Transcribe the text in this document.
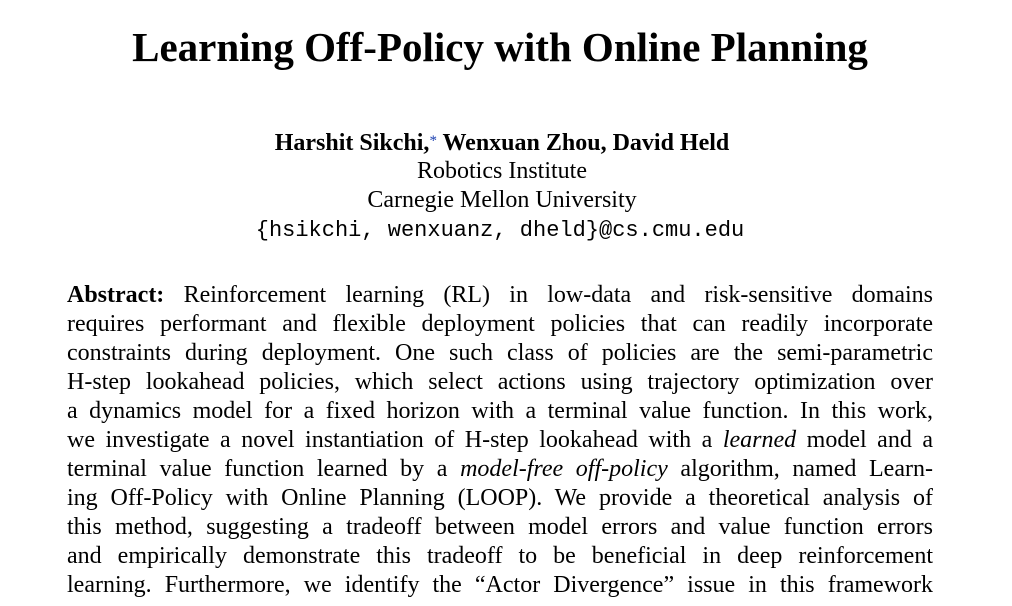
Learning Off-Policy with Online Planning
Harshit Sikchi,* Wenxuan Zhou, David Held
Robotics Institute
Carnegie Mellon University
{hsikchi, wenxuanz, dheld}@cs.cmu.edu
Abstract: Reinforcement learning (RL) in low-data and risk-sensitive domains
requires performant and flexible deployment policies that can readily incorporate
constraints during deployment. One such class of policies are the semi-parametric
H-step lookahead policies, which select actions using trajectory optimization over
a dynamics model for a fixed horizon with a terminal value function. In this work,
we investigate a novel instantiation of H-step lookahead with a learned model and a
terminal value function learned by a model-free off-policy algorithm, named Learn-
ing Off-Policy with Online Planning (LOOP). We provide a theoretical analysis of
this method, suggesting a tradeoff between model errors and value function errors
and empirically demonstrate this tradeoff to be beneficial in deep reinforcement
learning. Furthermore, we identify the “Actor Divergence” issue in this framework
